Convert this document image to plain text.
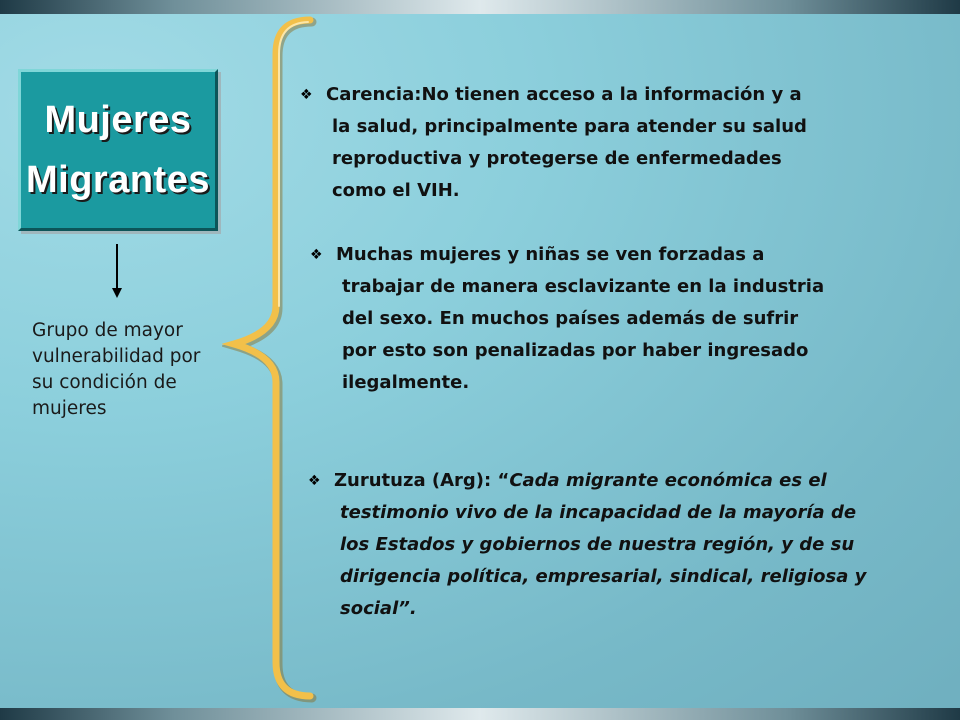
Mujeres
Migrantes
Grupo de mayor
vulnerabilidad por
su condición de
mujeres
❖ Carencia:No tienen acceso a la información y a
la salud, principalmente para atender su salud
reproductiva y protegerse de enfermedades
como el VIH.
❖ Muchas mujeres y niñas se ven forzadas a
trabajar de manera esclavizante en la industria
del sexo. En muchos países además de sufrir
por esto son penalizadas por haber ingresado
ilegalmente.
❖ Zurutuza (Arg): “Cada migrante económica es el
testimonio vivo de la incapacidad de la mayoría de
los Estados y gobiernos de nuestra región, y de su
dirigencia política, empresarial, sindical, religiosa y
social”.
